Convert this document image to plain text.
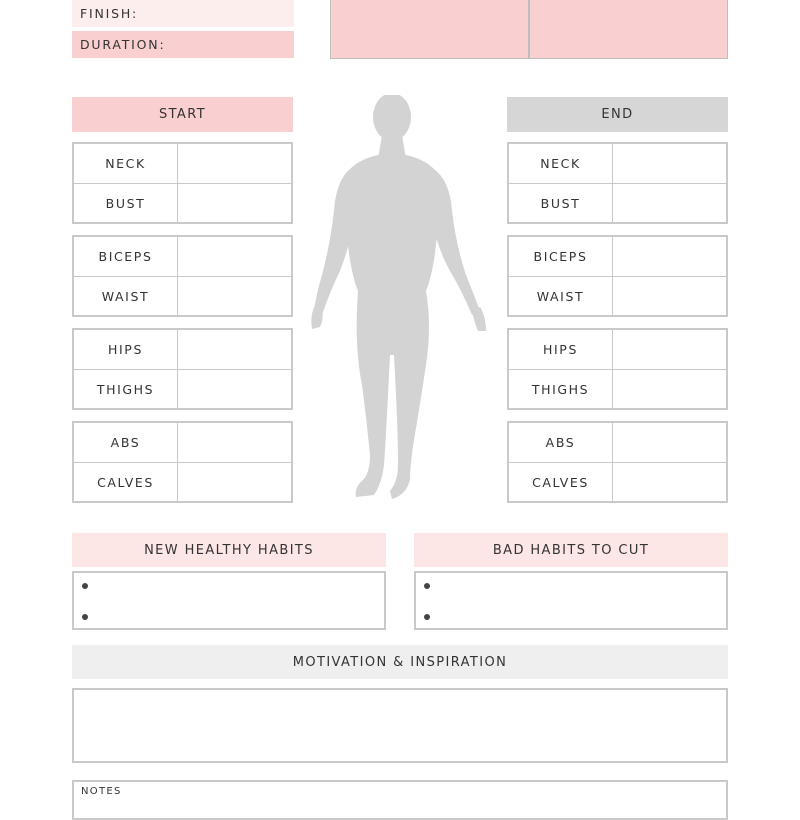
FINISH:
DURATION:
START
NECK
BUST
BICEPS
WAIST
HIPS
THIGHS
ABS
CALVES
END
NECK
BUST
BICEPS
WAIST
HIPS
THIGHS
ABS
CALVES
NEW HEALTHY HABITS	BAD HABITS TO CUT
MOTIVATION & INSPIRATION
NOTES
